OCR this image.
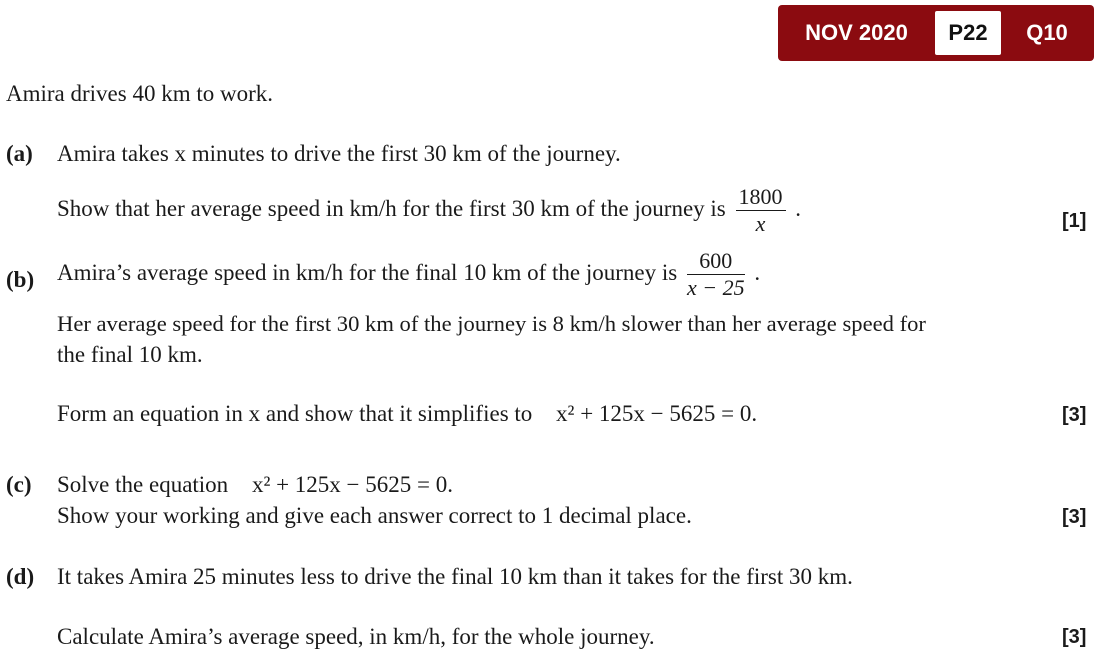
NOV 2020	P22	Q10
Amira drives 40 km to work.
(a) Amira takes x minutes to drive the first 30 km of the journey.
Show that her average speed in km/h for the first 30 km of the journey is $\frac{1800}{x}$ .
[1]
(b) Amira’s average speed in km/h for the final 10 km of the journey is $\frac{600}{x - 25}$ .
Her average speed for the first 30 km of the journey is 8 km/h slower than her average speed for
the final 10 km.
Form an equation in x and show that it simplifies to x² + 125x − 5625 = 0.	[3]
(c) Solve the equation x² + 125x − 5625 = 0.
Show your working and give each answer correct to 1 decimal place.	[3]
(d) It takes Amira 25 minutes less to drive the final 10 km than it takes for the first 30 km.
Calculate Amira’s average speed, in km/h, for the whole journey.	[3]
